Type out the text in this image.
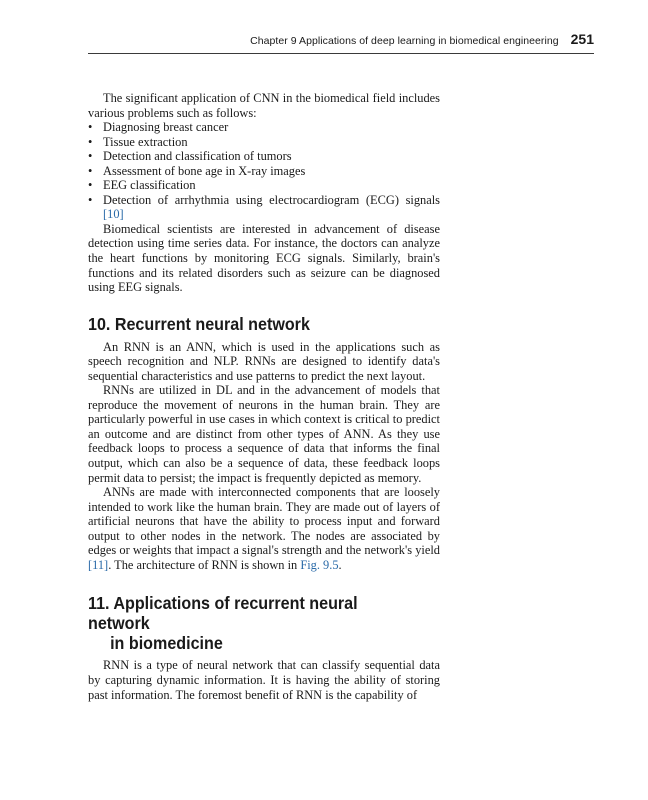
Chapter 9 Applications of deep learning in biomedical engineering 251

The significant application of CNN in the biomedical field includes various problems such as follows:

• Diagnosing breast cancer
• Tissue extraction
• Detection and classification of tumors
• Assessment of bone age in X-ray images
• EEG classification
• Detection of arrhythmia using electrocardiogram (ECG) signals [10]

Biomedical scientists are interested in advancement of disease detection using time series data. For instance, the doctors can analyze the heart functions by monitoring ECG signals. Similarly, brain's functions and its related disorders such as seizure can be diagnosed using EEG signals.

10. Recurrent neural network

An RNN is an ANN, which is used in the applications such as speech recognition and NLP. RNNs are designed to identify data's sequential characteristics and use patterns to predict the next layout.

RNNs are utilized in DL and in the advancement of models that reproduce the movement of neurons in the human brain. They are particularly powerful in use cases in which context is critical to predict an outcome and are distinct from other types of ANN. As they use feedback loops to process a sequence of data that informs the final output, which can also be a sequence of data, these feedback loops permit data to persist; the impact is frequently depicted as memory.

ANNs are made with interconnected components that are loosely intended to work like the human brain. They are made out of layers of artificial neurons that have the ability to process input and forward output to other nodes in the network. The nodes are associated by edges or weights that impact a signal's strength and the network's yield [11]. The architecture of RNN is shown in Fig. 9.5.

11. Applications of recurrent neural network
in biomedicine

RNN is a type of neural network that can classify sequential data by capturing dynamic information. It is having the ability of storing past information. The foremost benefit of RNN is the capability of
